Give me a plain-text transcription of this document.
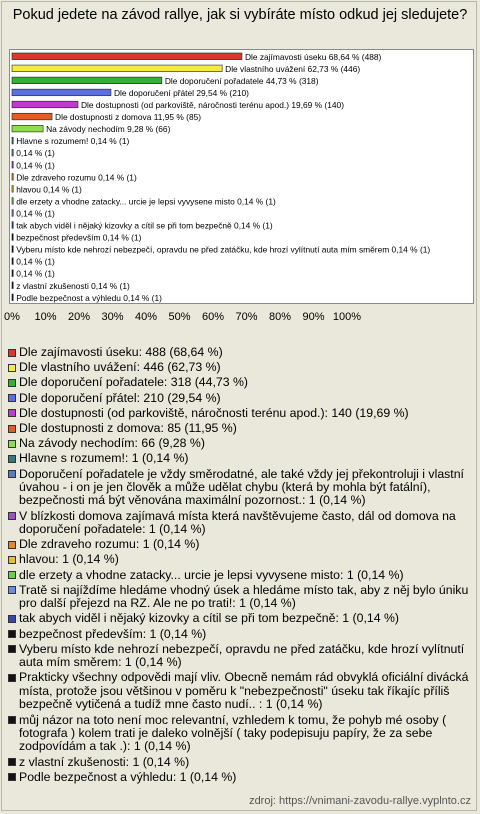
Pokud jedete na závod rallye, jak si vybíráte místo odkud jej sledujete?
Dle zajímavosti úseku 68,64 % (488)
Dle vlastního uvážení 62,73 % (446)
Dle doporučení pořadatele 44,73 % (318)
Dle doporučení přátel 29,54 % (210)
Dle dostupnosti (od parkoviště, náročnosti terénu apod.) 19,69 % (140)
Dle dostupnosti z domova 11,95 % (85)
Na závody nechodím 9,28 % (66)
Hlavne s rozumem! 0,14 % (1)
0,14 % (1)
0,14 % (1)
Dle zdraveho rozumu 0,14 % (1)
hlavou 0,14 % (1)
dle erzety a vhodne zatacky... urcie je lepsi vyvysene misto 0,14 % (1)
0,14 % (1)
tak abych viděl i nějaký kizovky a cítil se při tom bezpečně 0,14 % (1)
bezpečnost především 0,14 % (1)
Vyberu místo kde nehrozí nebezpečí, opravdu ne před zatáčku, kde hrozí vylítnutí auta mím směrem 0,14 % (1)
0,14 % (1)
0,14 % (1)
z vlastní zkušenosti 0,14 % (1)
Podle bezpečnost a výhledu 0,14 % (1)
0% 10% 20% 30% 40% 50% 60% 70% 80% 90% 100%
Dle zajímavosti úseku: 488 (68,64 %)
Dle vlastního uvážení: 446 (62,73 %)
Dle doporučení pořadatele: 318 (44,73 %)
Dle doporučení přátel: 210 (29,54 %)
Dle dostupnosti (od parkoviště, náročnosti terénu apod.): 140 (19,69 %)
Dle dostupnosti z domova: 85 (11,95 %)
Na závody nechodím: 66 (9,28 %)
Hlavne s rozumem!: 1 (0,14 %)
Doporučení pořadatele je vždy směrodatné, ale také vždy jej překontroluji i vlastní úvahou - i on je jen člověk a může udělat chybu (která by mohla být fatální), bezpečnosti má být věnována maximální pozornost.: 1 (0,14 %)
V blízkosti domova zajímavá místa která navštěvujeme často, dál od domova na doporučení pořadatele: 1 (0,14 %)
Dle zdraveho rozumu: 1 (0,14 %)
hlavou: 1 (0,14 %)
dle erzety a vhodne zatacky... urcie je lepsi vyvysene misto: 1 (0,14 %)
Tratě si najíždíme hledáme vhodný úsek a hledáme místo tak, aby z něj bylo úniku pro další přejezd na RZ. Ale ne po trati!: 1 (0,14 %)
tak abych viděl i nějaký kizovky a cítil se při tom bezpečně: 1 (0,14 %)
bezpečnost především: 1 (0,14 %)
Vyberu místo kde nehrozí nebezpečí, opravdu ne před zatáčku, kde hrozí vylítnutí auta mím směrem: 1 (0,14 %)
Prakticky všechny odpovědi mají vliv. Obecně nemám rád obvyklá oficiální divácká místa, protože jsou většinou v poměru k "nebezpečnosti" úseku tak říkajíc příliš bezpečně vytičená a tudíž mne často nudí.. : 1 (0,14 %)
můj názor na toto není moc relevantní, vzhledem k tomu, že pohyb mé osoby ( fotografa ) kolem trati je daleko volnější ( taky podepisuju papíry, že za sebe zodpovídám a tak .): 1 (0,14 %)
z vlastní zkušenosti: 1 (0,14 %)
Podle bezpečnost a výhledu: 1 (0,14 %)
zdroj: https://vnimani-zavodu-rallye.vyplnto.cz
